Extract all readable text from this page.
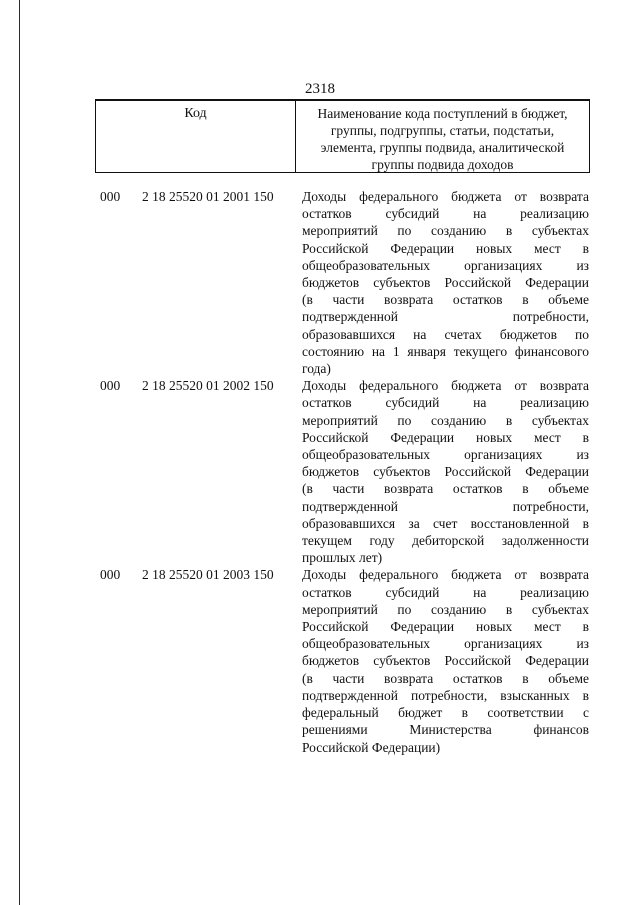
2318
Код	Наименование кода поступлений в бюджет,
группы, подгруппы, статьи, подстатьи,
элемента, группы подвида, аналитической
группы подвида доходов
000	2 18 25520 01 2001 150	Доходы федерального бюджета от возврата
остатков субсидий на реализацию
мероприятий по созданию в субъектах
Российской Федерации новых мест в
общеобразовательных организациях из
бюджетов субъектов Российской Федерации
(в части возврата остатков в объеме
подтвержденной потребности,
образовавшихся на счетах бюджетов по
состоянию на 1 января текущего финансового
года)
000	2 18 25520 01 2002 150	Доходы федерального бюджета от возврата
остатков субсидий на реализацию
мероприятий по созданию в субъектах
Российской Федерации новых мест в
общеобразовательных организациях из
бюджетов субъектов Российской Федерации
(в части возврата остатков в объеме
подтвержденной потребности,
образовавшихся за счет восстановленной в
текущем году дебиторской задолженности
прошлых лет)
000	2 18 25520 01 2003 150	Доходы федерального бюджета от возврата
остатков субсидий на реализацию
мероприятий по созданию в субъектах
Российской Федерации новых мест в
общеобразовательных организациях из
бюджетов субъектов Российской Федерации
(в части возврата остатков в объеме
подтвержденной потребности, взысканных в
федеральный бюджет в соответствии с
решениями Министерства финансов
Российской Федерации)
